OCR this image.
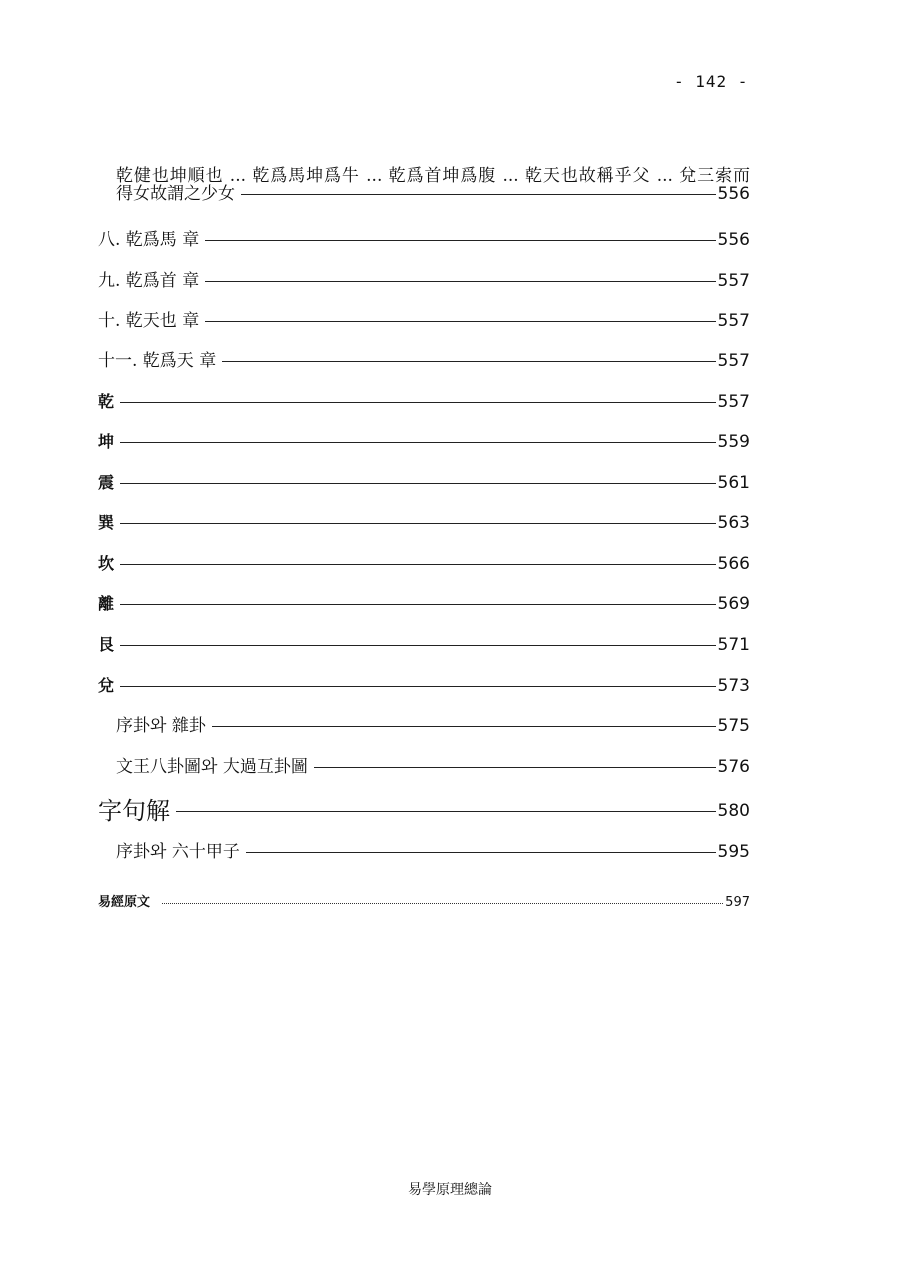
- 142 -
乾健也坤順也 ... 乾爲馬坤爲牛 ... 乾爲首坤爲腹 ... 乾天也故稱乎父 ... 兌三索而
得女故謂之少女	556
八. 乾爲馬 章	556
九. 乾爲首 章	557
十. 乾天也 章	557
十一. 乾爲天 章	557
乾	557
坤	559
震	561
巽	563
坎	566
離	569
艮	571
兌	573
序卦와 雜卦	575
文王八卦圖와 大過互卦圖	576
字句解	580
序卦와 六十甲子	595
易經原文	597
易學原理總論
